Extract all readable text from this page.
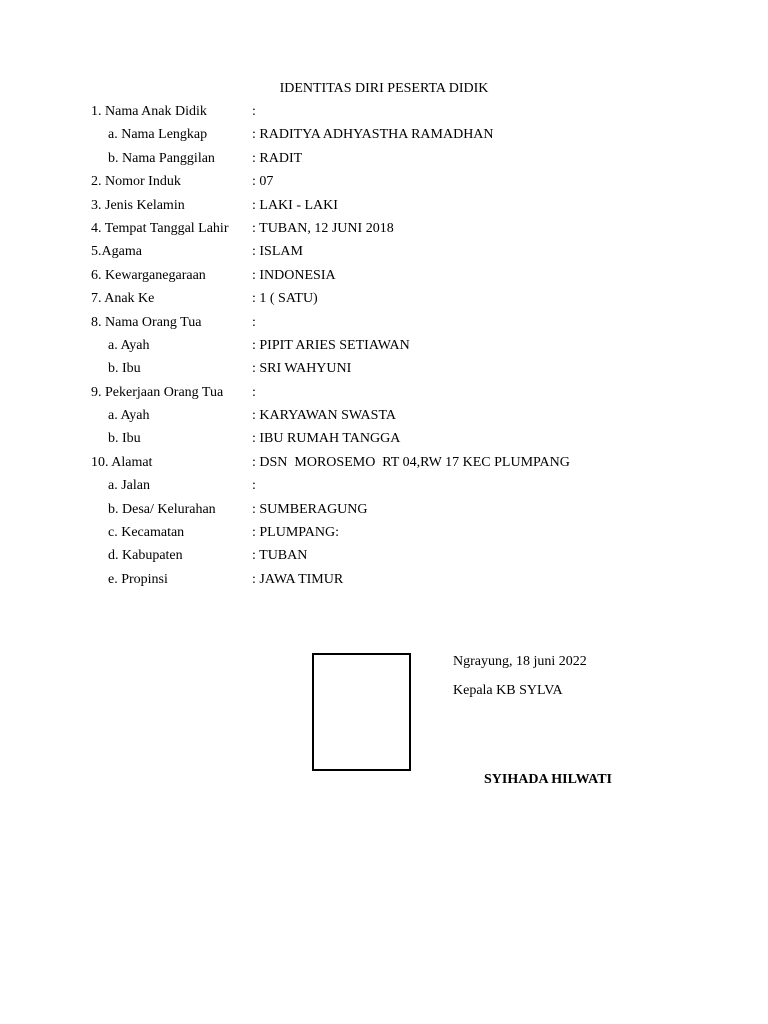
IDENTITAS DIRI PESERTA DIDIK
1. Nama Anak Didik	:
a. Nama Lengkap	: RADITYA ADHYASTHA RAMADHAN
b. Nama Panggilan	: RADIT
2. Nomor Induk	: 07
3. Jenis Kelamin	: LAKI - LAKI
4. Tempat Tanggal Lahir : TUBAN, 12 JUNI 2018
5.Agama	: ISLAM
6. Kewarganegaraan	: INDONESIA
7. Anak Ke	: 1 ( SATU)
8. Nama Orang Tua	:
a. Ayah	: PIPIT ARIES SETIAWAN
b. Ibu	: SRI WAHYUNI
9. Pekerjaan Orang Tua :
a. Ayah	: KARYAWAN SWASTA
b. Ibu	: IBU RUMAH TANGGA
10. Alamat	: DSN  MOROSEMO  RT 04,RW 17 KEC PLUMPANG
a. Jalan	:
b. Desa/ Kelurahan	: SUMBERAGUNG
c. Kecamatan	: PLUMPANG:
d. Kabupaten	: TUBAN
e. Propinsi	: JAWA TIMUR
Ngrayung, 18 juni 2022
Kepala KB SYLVA
SYIHADA HILWATI
